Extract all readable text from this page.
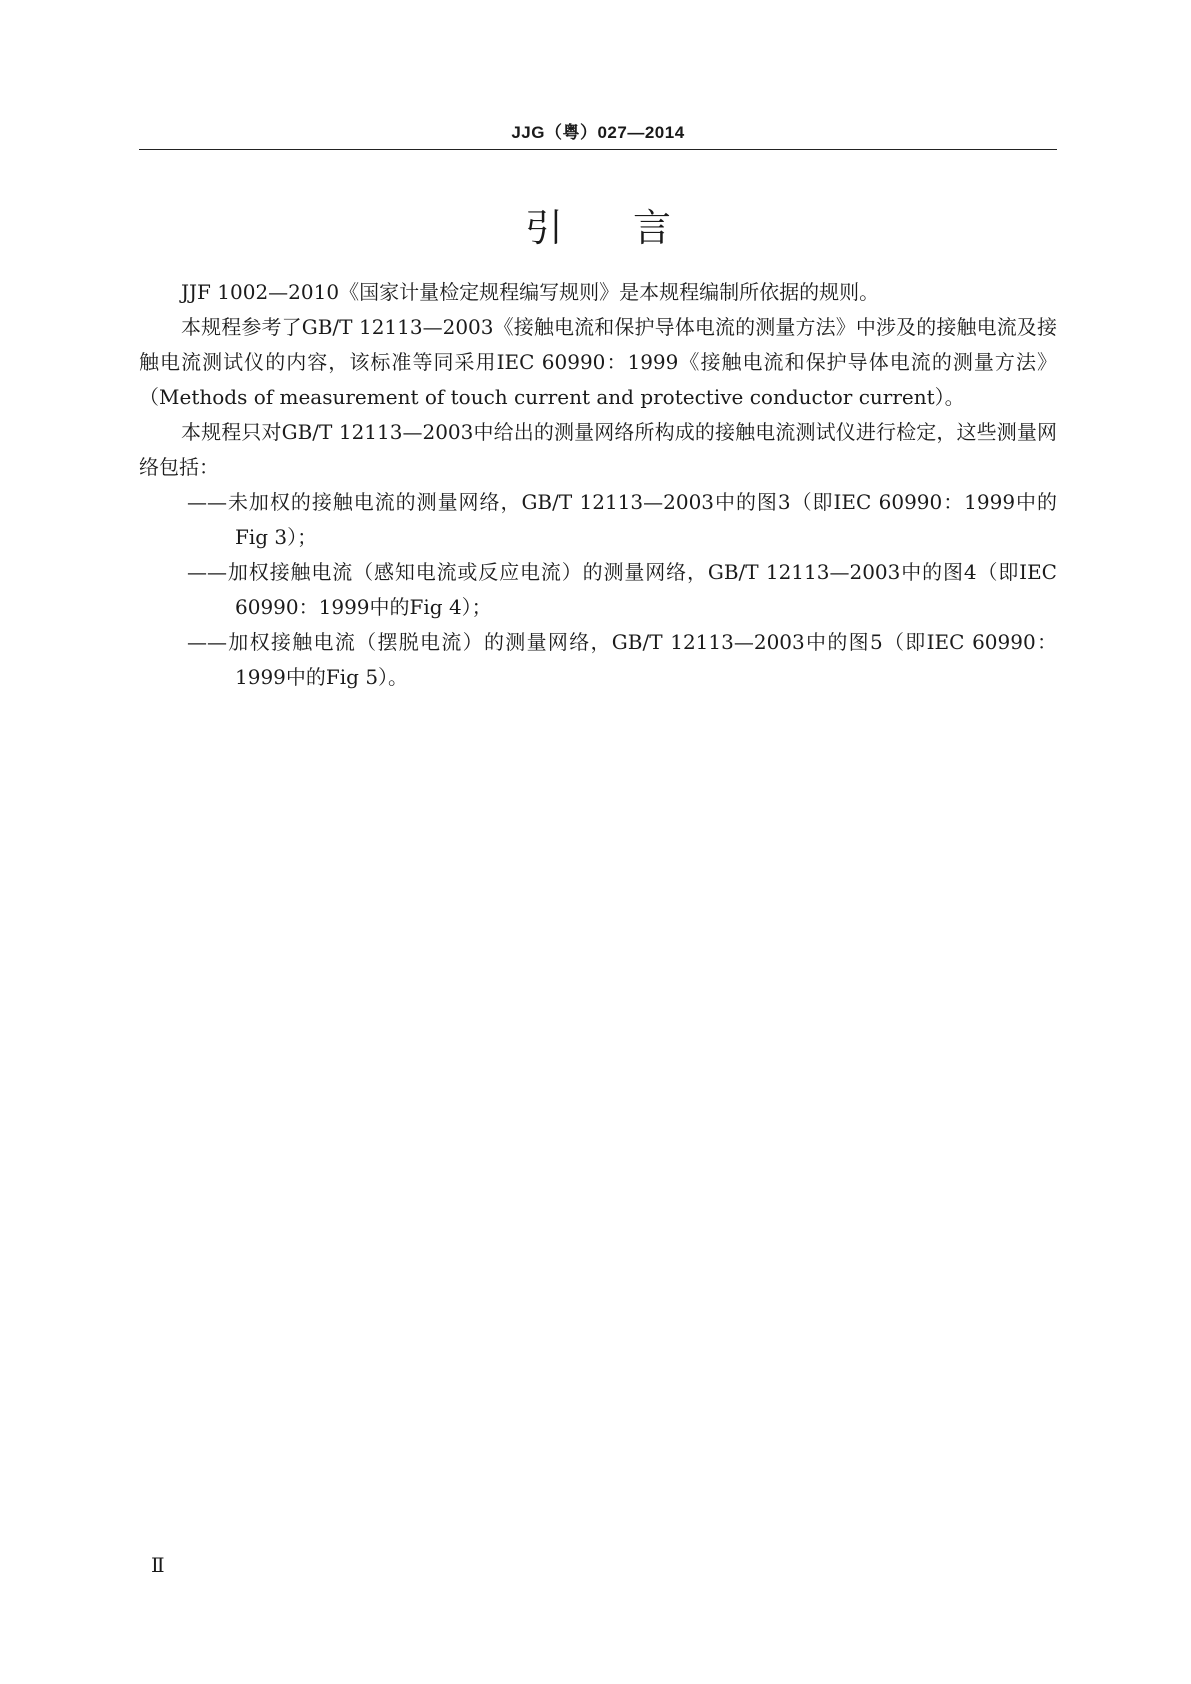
JJG（粤）027—2014
引言

JJF 1002—2010《国家计量检定规程编写规则》是本规程编制所依据的规则。

本规程参考了GB/T 12113—2003《接触电流和保护导体电流的测量方法》中涉及的接触电流及接触电流测试仪的内容，该标准等同采用IEC 60990：1999《接触电流和保护导体电流的测量方法》（Methods of measurement of touch current and protective conductor current）。

本规程只对GB/T 12113—2003中给出的测量网络所构成的接触电流测试仪进行检定，这些测量网络包括：

——未加权的接触电流的测量网络，GB/T 12113—2003中的图3（即IEC 60990：1999中的Fig 3）；

——加权接触电流（感知电流或反应电流）的测量网络，GB/T 12113—2003中的图4（即IEC 60990：1999中的Fig 4）；

——加权接触电流（摆脱电流）的测量网络，GB/T 12113—2003中的图5（即IEC 60990：1999中的Fig 5）。

Ⅱ
